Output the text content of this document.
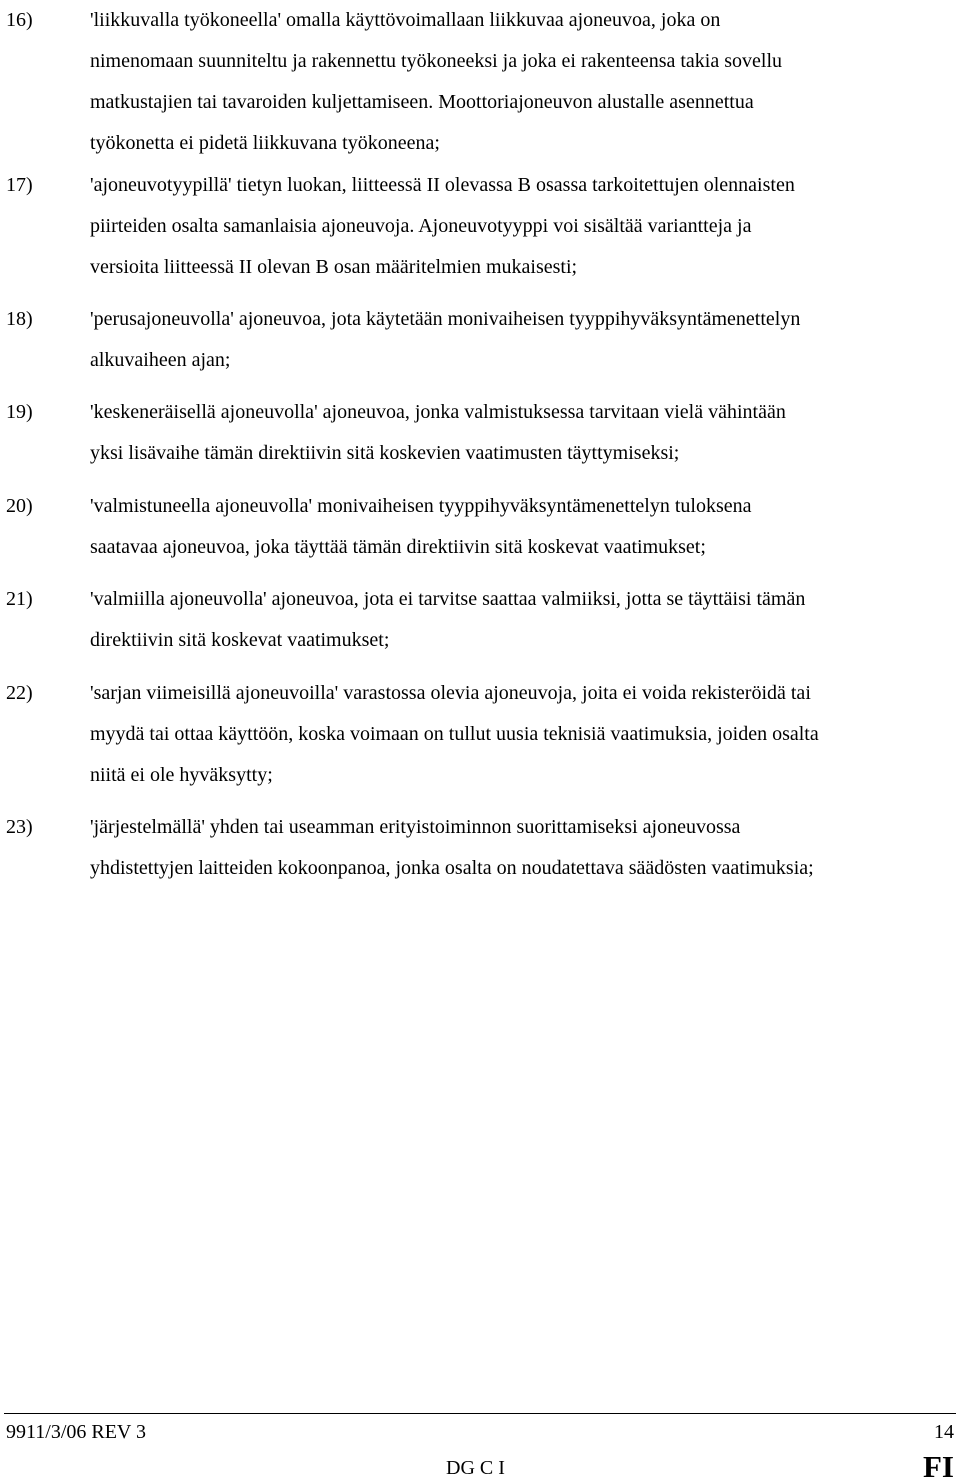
16)	'liikkuvalla työkoneella' omalla käyttövoimallaan liikkuvaa ajoneuvoa, joka on
nimenomaan suunniteltu ja rakennettu työkoneeksi ja joka ei rakenteensa takia sovellu
matkustajien tai tavaroiden kuljettamiseen. Moottoriajoneuvon alustalle asennettua
työkonetta ei pidetä liikkuvana työkoneena;
17)	'ajoneuvotyypillä' tietyn luokan, liitteessä II olevassa B osassa tarkoitettujen olennaisten
piirteiden osalta samanlaisia ajoneuvoja. Ajoneuvotyyppi voi sisältää variantteja ja
versioita liitteessä II olevan B osan määritelmien mukaisesti;
18)	'perusajoneuvolla' ajoneuvoa, jota käytetään monivaiheisen tyyppihyväksyntämenettelyn
alkuvaiheen ajan;
19)	'keskeneräisellä ajoneuvolla' ajoneuvoa, jonka valmistuksessa tarvitaan vielä vähintään
yksi lisävaihe tämän direktiivin sitä koskevien vaatimusten täyttymiseksi;
20)	'valmistuneella ajoneuvolla' monivaiheisen tyyppihyväksyntämenettelyn tuloksena
saatavaa ajoneuvoa, joka täyttää tämän direktiivin sitä koskevat vaatimukset;
21)	'valmiilla ajoneuvolla' ajoneuvoa, jota ei tarvitse saattaa valmiiksi, jotta se täyttäisi tämän
direktiivin sitä koskevat vaatimukset;
22)	'sarjan viimeisillä ajoneuvoilla' varastossa olevia ajoneuvoja, joita ei voida rekisteröidä tai
myydä tai ottaa käyttöön, koska voimaan on tullut uusia teknisiä vaatimuksia, joiden osalta
niitä ei ole hyväksytty;
23)	'järjestelmällä' yhden tai useamman erityistoiminnon suorittamiseksi ajoneuvossa
yhdistettyjen laitteiden kokoonpanoa, jonka osalta on noudatettava säädösten vaatimuksia;
9911/3/06 REV 3	14
DG C I	FI
